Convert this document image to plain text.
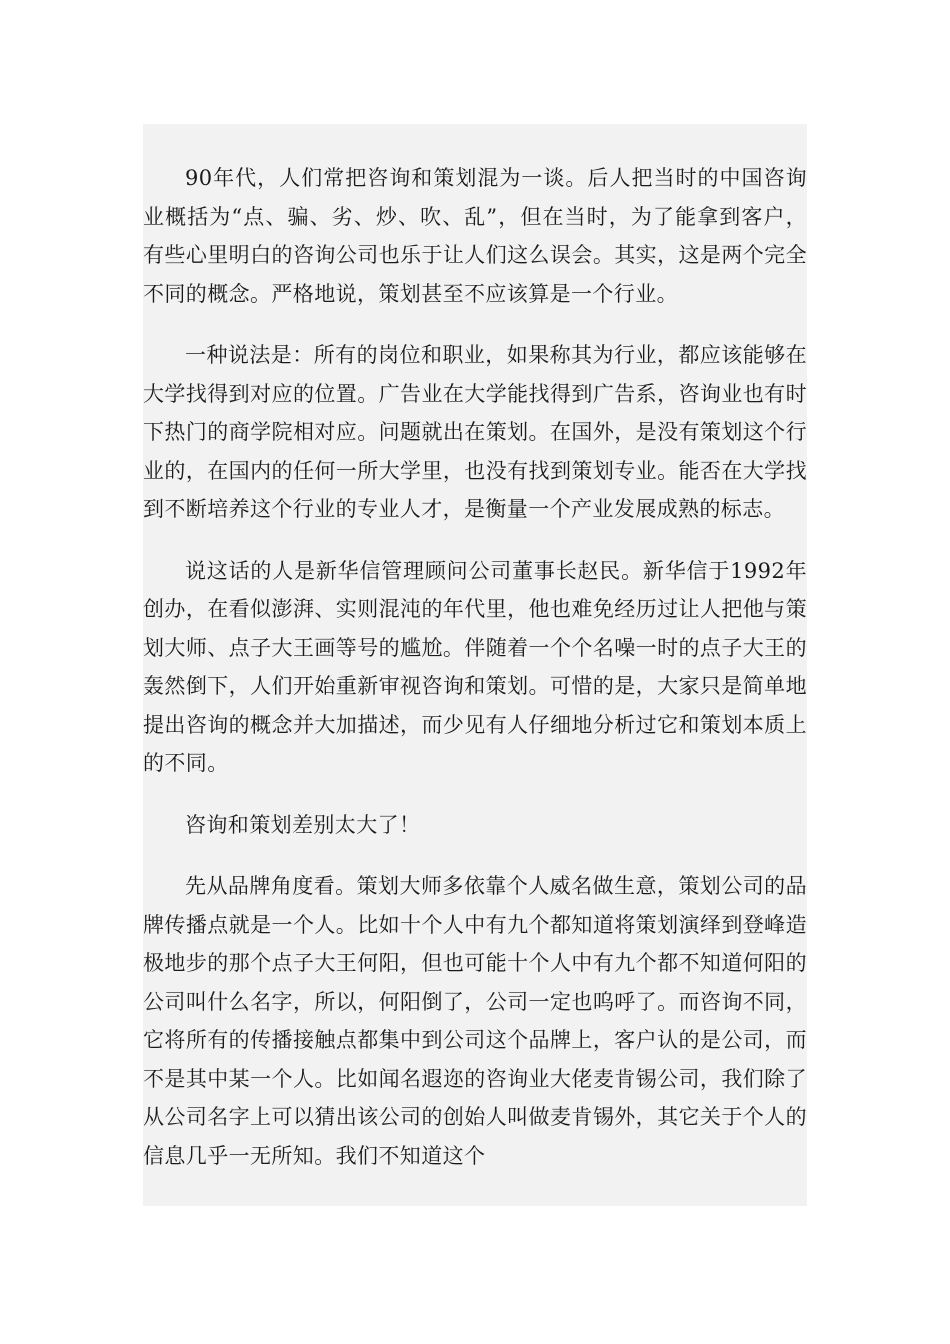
90年代，人们常把咨询和策划混为一谈。后人把当时的中国咨询业概括为“点、骗、劣、炒、吹、乱”，但在当时，为了能拿到客户，有些心里明白的咨询公司也乐于让人们这么误会。其实，这是两个完全不同的概念。严格地说，策划甚至不应该算是一个行业。

一种说法是：所有的岗位和职业，如果称其为行业，都应该能够在大学找得到对应的位置。广告业在大学能找得到广告系，咨询业也有时下热门的商学院相对应。问题就出在策划。在国外，是没有策划这个行业的，在国内的任何一所大学里，也没有找到策划专业。能否在大学找到不断培养这个行业的专业人才，是衡量一个产业发展成熟的标志。

说这话的人是新华信管理顾问公司董事长赵民。新华信于1992年创办，在看似澎湃、实则混沌的年代里，他也难免经历过让人把他与策划大师、点子大王画等号的尴尬。伴随着一个个名噪一时的点子大王的轰然倒下，人们开始重新审视咨询和策划。可惜的是，大家只是简单地提出咨询的概念并大加描述，而少见有人仔细地分析过它和策划本质上的不同。

咨询和策划差别太大了！

先从品牌角度看。策划大师多依靠个人威名做生意，策划公司的品牌传播点就是一个人。比如十个人中有九个都知道将策划演绎到登峰造极地步的那个点子大王何阳，但也可能十个人中有九个都不知道何阳的公司叫什么名字，所以，何阳倒了，公司一定也呜呼了。而咨询不同，它将所有的传播接触点都集中到公司这个品牌上，客户认的是公司，而不是其中某一个人。比如闻名遐迩的咨询业大佬麦肯锡公司，我们除了从公司名字上可以猜出该公司的创始人叫做麦肯锡外，其它关于个人的信息几乎一无所知。我们不知道这个
